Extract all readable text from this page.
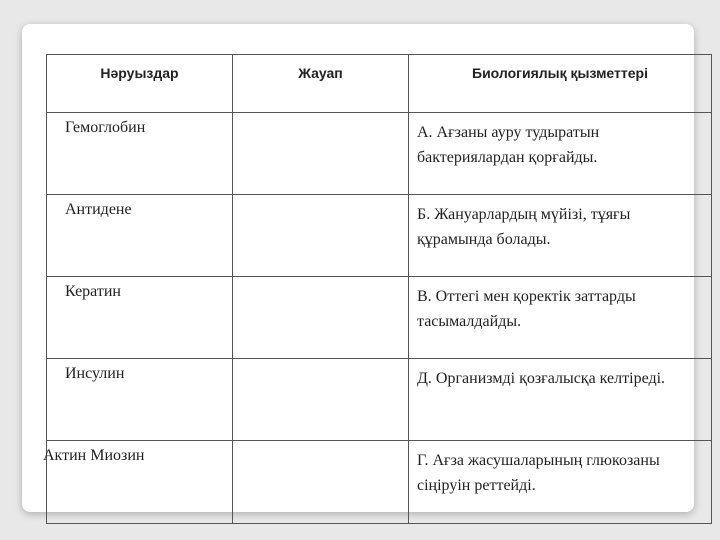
Нәруыздар	Жауап	Биологиялық қызметтері
Гемоглобин		А. Ағзаны ауру тудыратын бактериялардан қорғайды.
Антидене		Б. Жануарлардың мүйізі, тұяғы құрамында болады.
Кератин		В. Оттегі мен қоректік заттарды тасымалдайды.
Инсулин		Д. Организмді қозғалысқа келтіреді.
Актин Миозин		Г. Ағза жасушаларының глюкозаны сіңіруін реттейді.
